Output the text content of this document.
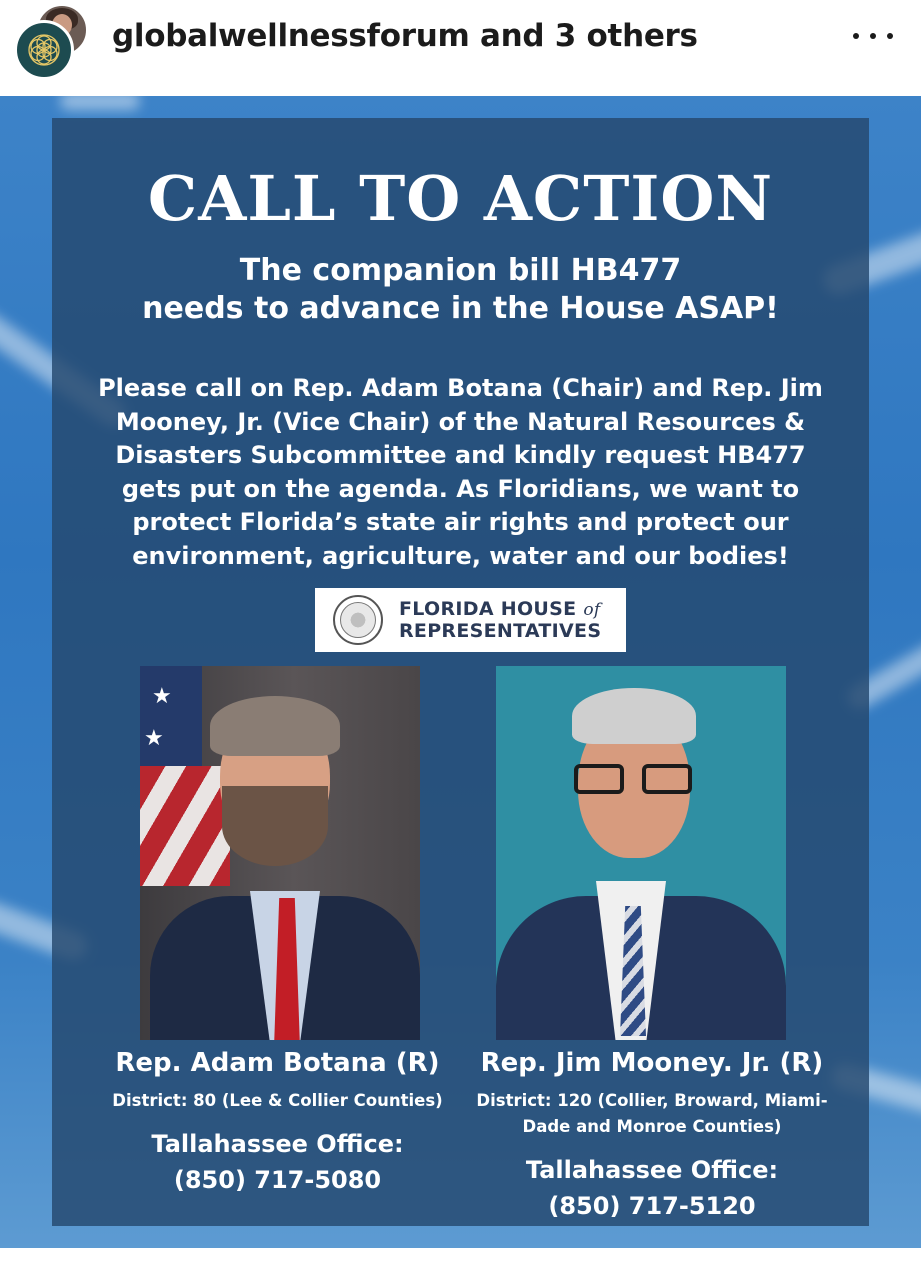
globalwellnessforum and 3 others
CALL TO ACTION
The companion bill HB477
needs to advance in the House ASAP!
Please call on Rep. Adam Botana (Chair) and Rep. Jim
Mooney, Jr. (Vice Chair) of the Natural Resources &
Disasters Subcommittee and kindly request HB477
gets put on the agenda. As Floridians, we want to
protect Florida’s state air rights and protect our
environment, agriculture, water and our bodies!
FLORIDA HOUSE of
REPRESENTATIVES
★
★
Rep. Adam Botana (R)
District: 80 (Lee & Collier Counties)
Tallahassee Office:
(850) 717-5080
Rep. Jim Mooney. Jr. (R)
District: 120 (Collier, Broward, Miami-
Dade and Monroe Counties)
Tallahassee Office:
(850) 717-5120
